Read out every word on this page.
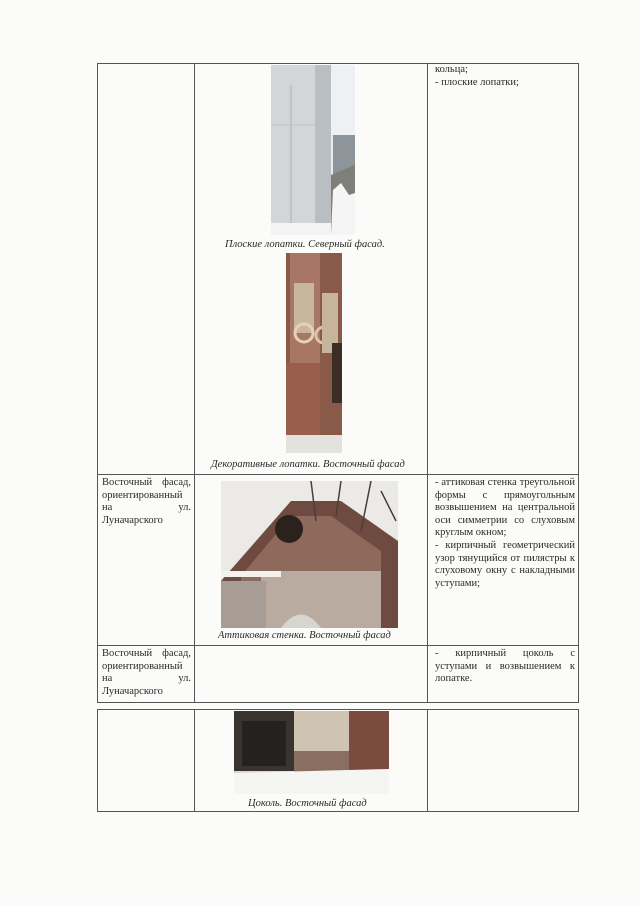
Плоские лопатки. Северный фасад.
Декоративные лопатки. Восточный фасад
кольца;
- плоские лопатки;
Восточный фасад, ориентированный на ул. Луначарского
Аттиковая стенка. Восточный фасад
- аттиковая стенка треугольной формы с прямоугольным возвышением на центральной оси симметрии со слуховым круглым окном;
- кирпичный геометрический узор тянущийся от пилястры к слуховому окну с накладными уступами;
Восточный фасад, ориентированный на ул. Луначарского
- кирпичный цоколь с уступами и возвышением к лопатке.
Цоколь. Восточный фасад
